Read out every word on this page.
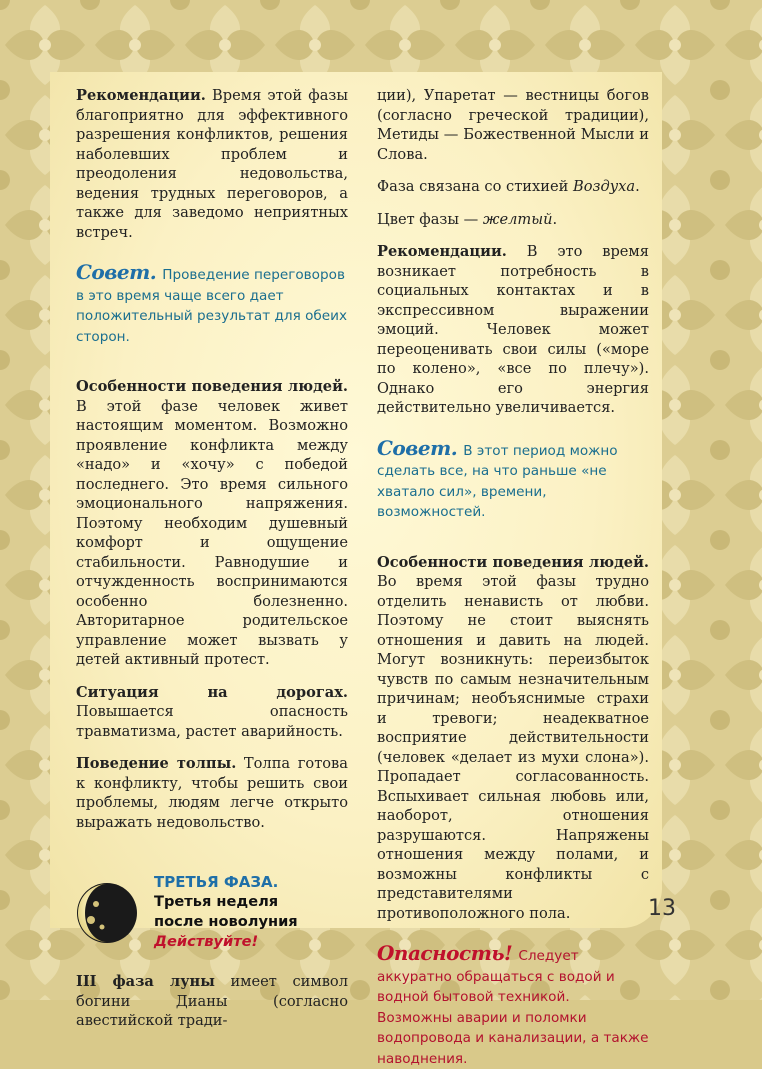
Рекомендации. Время этой фазы благоприятно для эффективного разрешения конфликтов, решения наболевших проблем и преодоления недовольства, ведения трудных переговоров, а также для заведомо неприятных встреч.

Совет. Проведение переговоров в это время чаще всего дает положительный результат для обеих сторон.

Особенности поведения людей. В этой фазе человек живет настоящим моментом. Возможно проявление конфликта между «надо» и «хочу» с победой последнего. Это время сильного эмоционального напряжения. Поэтому необходим душевный комфорт и ощущение стабильности. Равнодушие и отчужденность воспринимаются особенно болезненно. Авторитарное родительское управление может вызвать у детей активный протест.

Ситуация на дорогах. Повышается опасность травматизма, растет аварийность.

Поведение толпы. Толпа готова к конфликту, чтобы решить свои проблемы, людям легче открыто выражать недовольство.

ТРЕТЬЯ ФАЗА.
Третья неделя
после новолуния
Действуйте!

III фаза луны имеет символ богини Дианы (согласно авестийской тради-

ции), Упаретат — вестницы богов (согласно греческой традиции), Метиды — Божественной Мысли и Слова.

Фаза связана со стихией Воздуха.

Цвет фазы — желтый.

Рекомендации. В это время возникает потребность в социальных контактах и в экспрессивном выражении эмоций. Человек может переоценивать свои силы («море по колено», «все по плечу»). Однако его энергия действительно увеличивается.

Совет. В этот период можно сделать все, на что раньше «не хватало сил», времени, возможностей.

Особенности поведения людей. Во время этой фазы трудно отделить ненависть от любви. Поэтому не стоит выяснять отношения и давить на людей. Могут возникнуть: переизбыток чувств по самым незначительным причинам; необъяснимые страхи и тревоги; неадекватное восприятие действительности (человек «делает из мухи слона»). Пропадает согласованность. Вспыхивает сильная любовь или, наоборот, отношения разрушаются. Напряжены отношения между полами, и возможны конфликты с представителями противоположного пола.

Опасность! Следует аккуратно обращаться с водой и водной бытовой техникой. Возможны аварии и поломки водопровода и канализации, а также наводнения.
13
